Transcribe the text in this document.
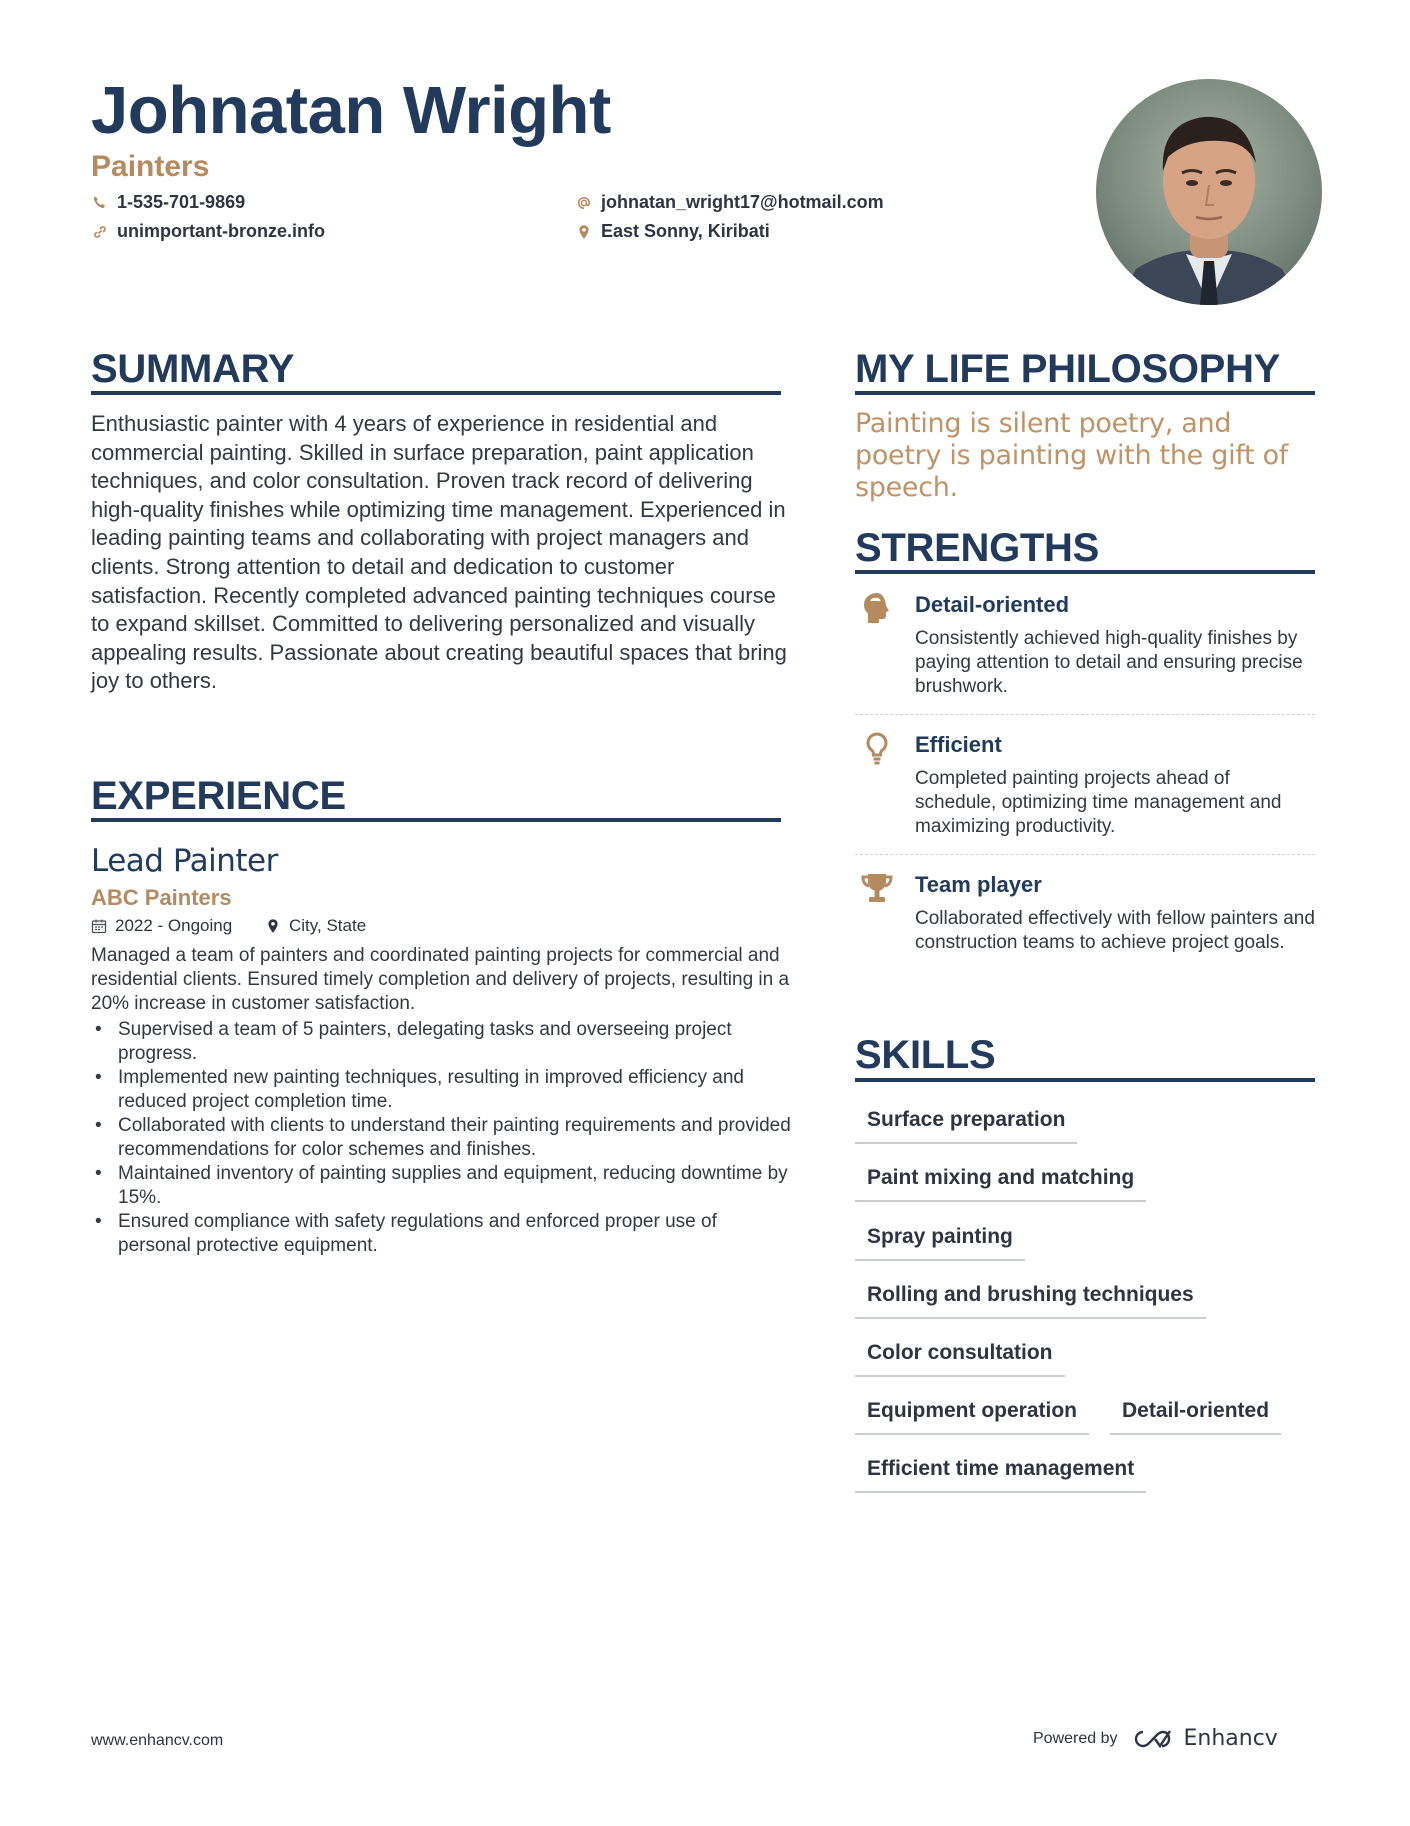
Johnatan Wright
Painters
1-535-701-9869
unimportant-bronze.info
johnatan_wright17@hotmail.com
East Sonny, Kiribati
SUMMARY
Enthusiastic painter with 4 years of experience in residential and commercial painting. Skilled in surface preparation, paint application techniques, and color consultation. Proven track record of delivering high-quality finishes while optimizing time management. Experienced in leading painting teams and collaborating with project managers and clients. Strong attention to detail and dedication to customer satisfaction. Recently completed advanced painting techniques course to expand skillset. Committed to delivering personalized and visually appealing results. Passionate about creating beautiful spaces that bring joy to others.
EXPERIENCE
Lead Painter
ABC Painters
2022 - Ongoing	City, State
Managed a team of painters and coordinated painting projects for commercial and residential clients. Ensured timely completion and delivery of projects, resulting in a 20% increase in customer satisfaction.
• Supervised a team of 5 painters, delegating tasks and overseeing project progress.
• Implemented new painting techniques, resulting in improved efficiency and reduced project completion time.
• Collaborated with clients to understand their painting requirements and provided recommendations for color schemes and finishes.
• Maintained inventory of painting supplies and equipment, reducing downtime by 15%.
• Ensured compliance with safety regulations and enforced proper use of personal protective equipment.
MY LIFE PHILOSOPHY
Painting is silent poetry, and poetry is painting with the gift of speech.
STRENGTHS
Detail-oriented
Consistently achieved high-quality finishes by paying attention to detail and ensuring precise brushwork.
Efficient
Completed painting projects ahead of schedule, optimizing time management and maximizing productivity.
Team player
Collaborated effectively with fellow painters and construction teams to achieve project goals.
SKILLS
Surface preparation
Paint mixing and matching
Spray painting
Rolling and brushing techniques
Color consultation
Equipment operation	Detail-oriented
Efficient time management
www.enhancv.com	Powered by	Enhancv
